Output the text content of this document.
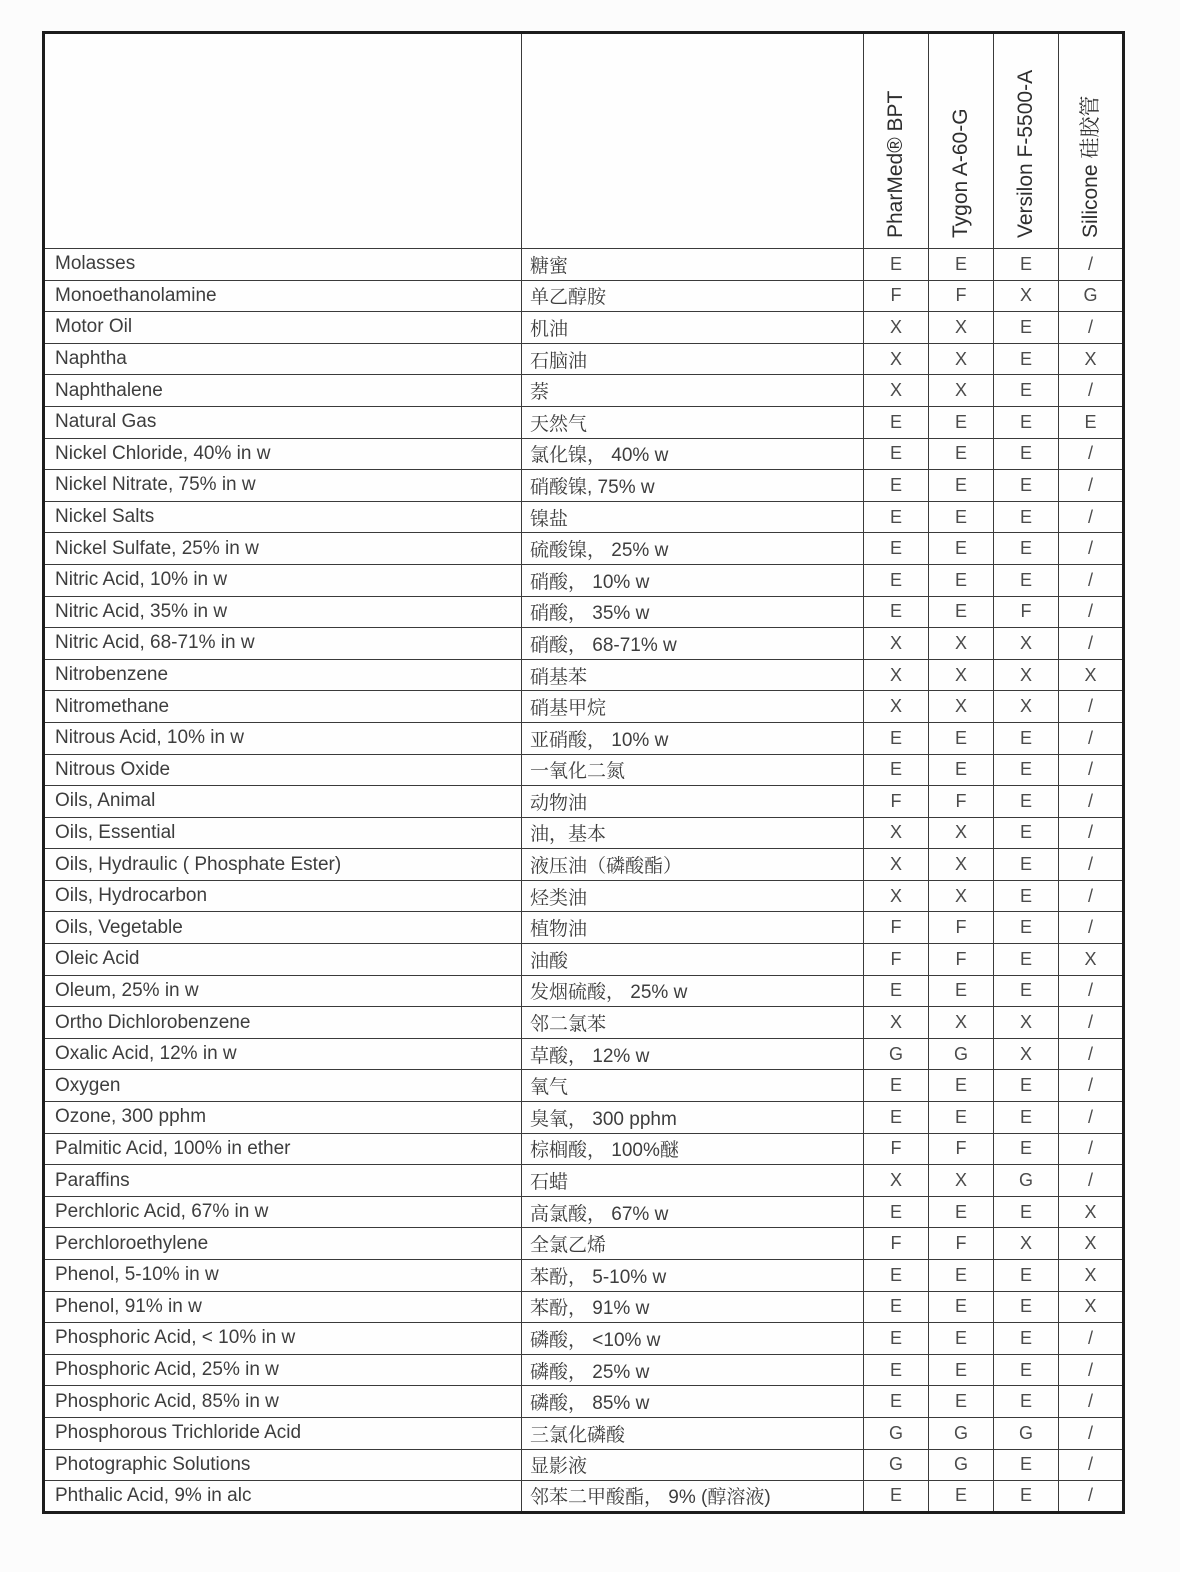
		PharMed® BPT	Tygon A-60-G	Versilon F-5500-A	Silicone 硅胶管

Molasses	糖蜜	E	E	E	/
Monoethanolamine	单乙醇胺	F	F	X	G
Motor Oil	机油	X	X	E	/
Naphtha	石脑油	X	X	E	X
Naphthalene	萘	X	X	E	/
Natural Gas	天然气	E	E	E	E
Nickel Chloride, 40% in w	氯化镍， 40% w	E	E	E	/
Nickel Nitrate, 75% in w	硝酸镍, 75% w	E	E	E	/
Nickel Salts	镍盐	E	E	E	/
Nickel Sulfate, 25% in w	硫酸镍， 25% w	E	E	E	/
Nitric Acid, 10% in w	硝酸， 10% w	E	E	E	/
Nitric Acid, 35% in w	硝酸， 35% w	E	E	F	/
Nitric Acid, 68-71% in w	硝酸， 68-71% w	X	X	X	/
Nitrobenzene	硝基苯	X	X	X	X
Nitromethane	硝基甲烷	X	X	X	/
Nitrous Acid, 10% in w	亚硝酸， 10% w	E	E	E	/
Nitrous Oxide	一氧化二氮	E	E	E	/
Oils, Animal	动物油	F	F	E	/
Oils, Essential	油，基本	X	X	E	/
Oils, Hydraulic ( Phosphate Ester)	液压油（磷酸酯）	X	X	E	/
Oils, Hydrocarbon	烃类油	X	X	E	/
Oils, Vegetable	植物油	F	F	E	/
Oleic Acid	油酸	F	F	E	X
Oleum, 25% in w	发烟硫酸， 25% w	E	E	E	/
Ortho Dichlorobenzene	邻二氯苯	X	X	X	/
Oxalic Acid, 12% in w	草酸， 12% w	G	G	X	/
Oxygen	氧气	E	E	E	/
Ozone, 300 pphm	臭氧， 300 pphm	E	E	E	/
Palmitic Acid, 100% in ether	棕榈酸， 100%醚	F	F	E	/
Paraffins	石蜡	X	X	G	/
Perchloric Acid, 67% in w	高氯酸， 67% w	E	E	E	X
Perchloroethylene	全氯乙烯	F	F	X	X
Phenol, 5-10% in w	苯酚， 5-10% w	E	E	E	X
Phenol, 91% in w	苯酚， 91% w	E	E	E	X
Phosphoric Acid, < 10% in w	磷酸， <10% w	E	E	E	/
Phosphoric Acid, 25% in w	磷酸， 25% w	E	E	E	/
Phosphoric Acid, 85% in w	磷酸， 85% w	E	E	E	/
Phosphorous Trichloride Acid	三氯化磷酸	G	G	G	/
Photographic Solutions	显影液	G	G	E	/
Phthalic Acid, 9% in alc	邻苯二甲酸酯， 9% (醇溶液)	E	E	E	/
